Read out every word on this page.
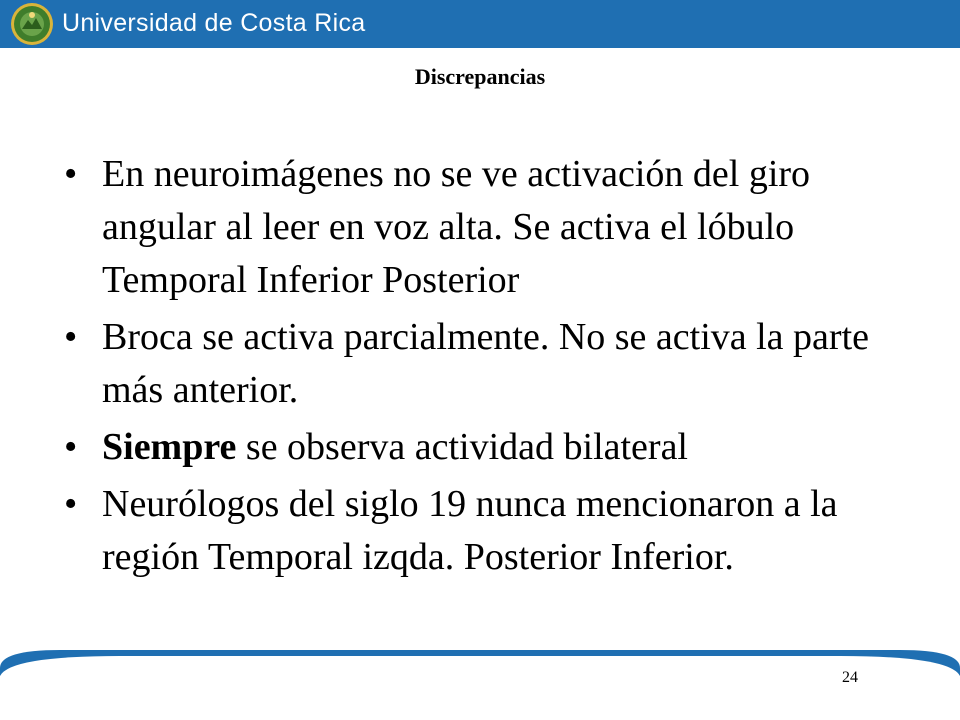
Universidad de Costa Rica
Discrepancias
• En neuroimágenes no se ve activación del giro angular al leer en voz alta. Se activa el lóbulo Temporal Inferior Posterior
• Broca se activa parcialmente. No se activa la parte más anterior.
• Siempre se observa actividad bilateral
• Neurólogos del siglo 19 nunca mencionaron a la región Temporal izqda. Posterior Inferior.
24
